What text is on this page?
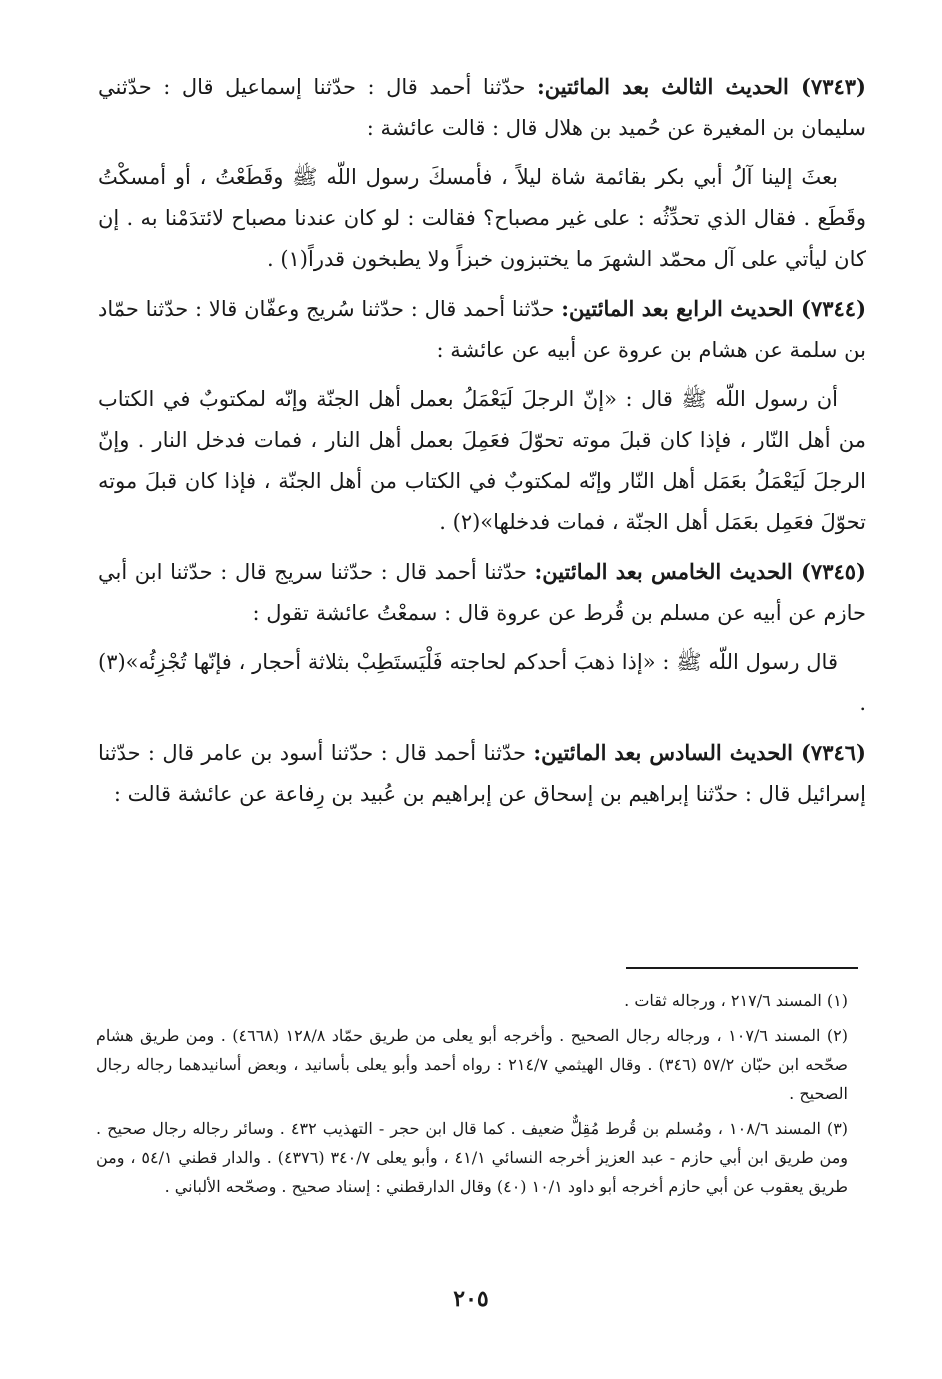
(٧٣٤٣) الحديث الثالث بعد المائتين: حدّثنا أحمد قال : حدّثنا إسماعيل قال : حدّثني سليمان بن المغيرة عن حُميد بن هلال قال : قالت عائشة :

بعثَ إلينا آلُ أبي بكر بقائمة شاة ليلاً ، فأمسكَ رسول اللّه ﷺ وقَطَعْتُ ، أو أمسكْتُ وقَطَع . فقال الذي تحدِّثُه : على غير مصباح؟ فقالت : لو كان عندنا مصباح لائتدَمْنا به . إن كان ليأتي على آل محمّد الشهرَ ما يختبزون خبزاً ولا يطبخون قدراً(١) .

(٧٣٤٤) الحديث الرابع بعد المائتين: حدّثنا أحمد قال : حدّثنا سُريج وعفّان قالا : حدّثنا حمّاد بن سلمة عن هشام بن عروة عن أبيه عن عائشة :

أن رسول اللّه ﷺ قال : «إنّ الرجلَ لَيَعْمَلُ بعمل أهل الجنّة وإنّه لمكتوبٌ في الكتاب من أهل النّار ، فإذا كان قبلَ موته تحوّلَ فعَمِلَ بعمل أهل النار ، فمات فدخل النار . وإنّ الرجلَ لَيَعْمَلُ بعَمَل أهل النّار وإنّه لمكتوبٌ في الكتاب من أهل الجنّة ، فإذا كان قبلَ موته تحوّلَ فعَمِل بعَمَل أهل الجنّة ، فمات فدخلها»(٢) .

(٧٣٤٥) الحديث الخامس بعد المائتين: حدّثنا أحمد قال : حدّثنا سريج قال : حدّثنا ابن أبي حازم عن أبيه عن مسلم بن قُرط عن عروة قال : سمعْتُ عائشة تقول :

قال رسول اللّه ﷺ : «إذا ذهبَ أحدكم لحاجته فَلْيَستَطِبْ بثلاثة أحجار ، فإنّها تُجْزِئُه»(٣) .

(٧٣٤٦) الحديث السادس بعد المائتين: حدّثنا أحمد قال : حدّثنا أسود بن عامر قال : حدّثنا إسرائيل قال : حدّثنا إبراهيم بن إسحاق عن إبراهيم بن عُبيد بن رِفاعة عن عائشة قالت :

(١) المسند ٢١٧/٦ ، ورجاله ثقات .

(٢) المسند ١٠٧/٦ ، ورجاله رجال الصحيح . وأخرجه أبو يعلى من طريق حمّاد ١٢٨/٨ (٤٦٦٨) . ومن طريق هشام صحّحه ابن حبّان ٥٧/٢ (٣٤٦) . وقال الهيثمي ٢١٤/٧ : رواه أحمد وأبو يعلى بأسانيد ، وبعض أسانيدهما رجاله رجال الصحيح .

(٣) المسند ١٠٨/٦ ، ومُسلم بن قُرط مُقِلٌّ ضعيف . كما قال ابن حجر - التهذيب ٤٣٢ . وسائر رجاله رجال صحيح . ومن طريق ابن أبي حازم - عبد العزيز أخرجه النسائي ٤١/١ ، وأبو يعلى ٣٤٠/٧ (٤٣٧٦) . والدار قطني ٥٤/١ ، ومن طريق يعقوب عن أبي حازم أخرجه أبو داود ١٠/١ (٤٠) وقال الدارقطني : إسناد صحيح . وصحّحه الألباني .

٢٠٥
